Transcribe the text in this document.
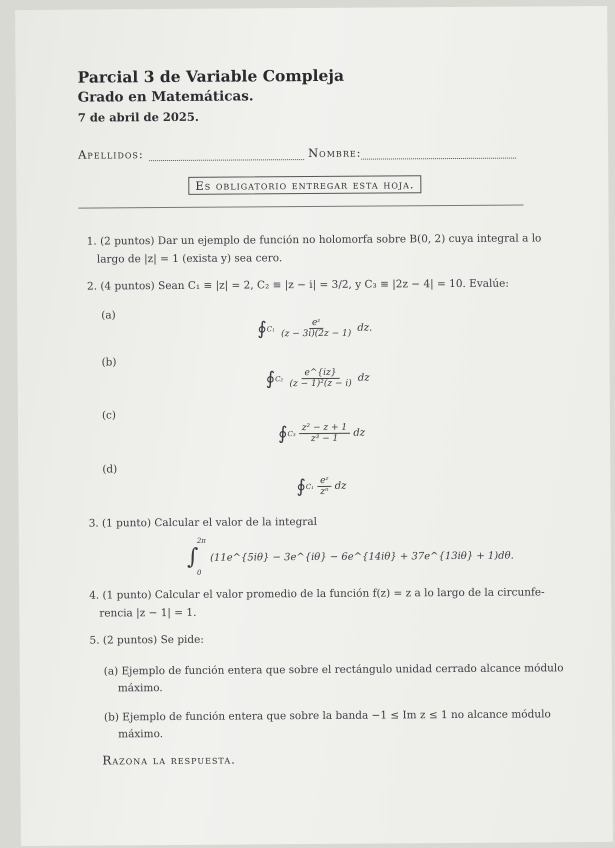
Parcial 3 de Variable Compleja
Grado en Matemáticas.
7 de abril de 2025.
Apellidos:	Nombre:
Es obligatorio entregar esta hoja.
1. (2 puntos) Dar un ejemplo de función no holomorfa sobre B(0, 2) cuya integral a lo
largo de |z| = 1 (exista y) sea cero.
2. (4 puntos) Sean C₁ ≡ |z| = 2, C₂ ≡ |z − i| = 3/2, y C₃ ≡ |2z − 4| = 10. Evalúe:
(a)
∮C₁ $\frac{\text{eᶻ}}{(z - 3i)(2z - 1)}$ dz.
(b)
∮C₂ $\frac{e\^{}\{iz\}}{\text{(z − 1)²(z − i)}}$ dz
(c)
∮C₃ $\frac{\text{z² − z + 1}}{\text{z³ − 1}}$ dz
(d)
∮C₁ $\frac{\text{eᶻ}}{\text{zⁿ}}$ dz
3. (1 punto) Calcular el valor de la integral
∫
2π
0
(11e^{5iθ} − 3e^{iθ} − 6e^{14iθ} + 37e^{13iθ} + 1)dθ.
4. (1 punto) Calcular el valor promedio de la función f(z) = z a lo largo de la circunfe-
rencia |z − 1| = 1.
5. (2 puntos) Se pide:
(a) Ejemplo de función entera que sobre el rectángulo unidad cerrado alcance módulo
máximo.
(b) Ejemplo de función entera que sobre la banda −1 ≤ Im z ≤ 1 no alcance módulo
máximo.
Razona la respuesta.
